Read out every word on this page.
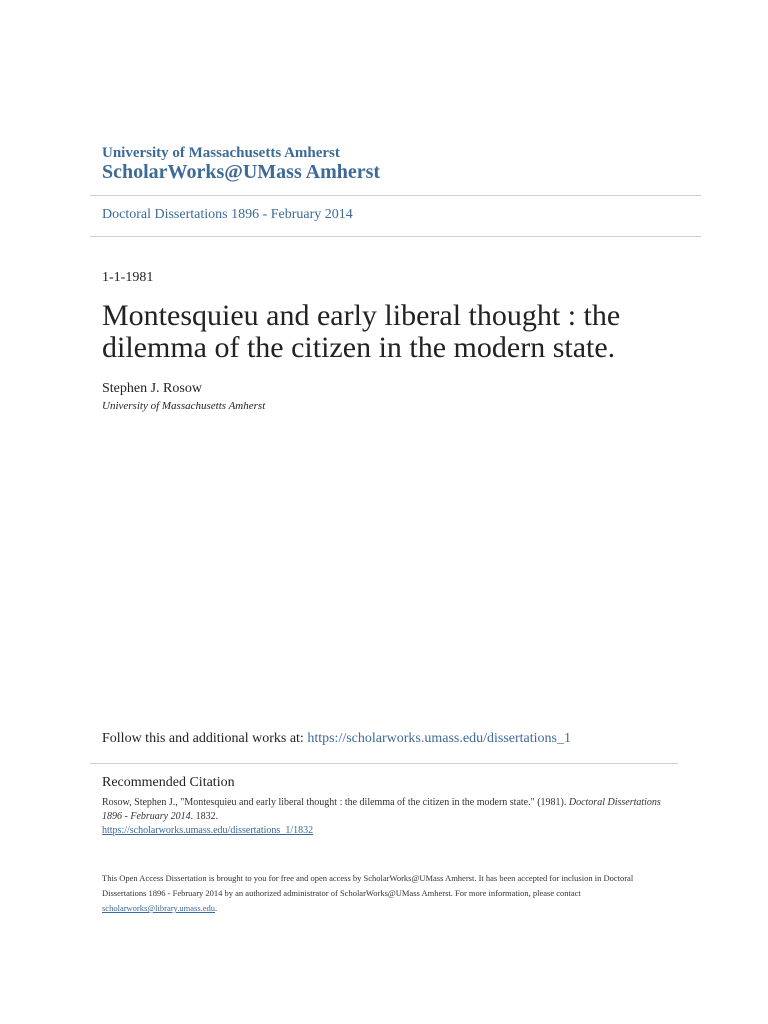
University of Massachusetts Amherst
ScholarWorks@UMass Amherst
Doctoral Dissertations 1896 - February 2014
1-1-1981
Montesquieu and early liberal thought : the dilemma of the citizen in the modern state.
Stephen J. Rosow
University of Massachusetts Amherst
Follow this and additional works at: https://scholarworks.umass.edu/dissertations_1
Recommended Citation
Rosow, Stephen J., "Montesquieu and early liberal thought : the dilemma of the citizen in the modern state." (1981). Doctoral Dissertations 1896 - February 2014. 1832.
https://scholarworks.umass.edu/dissertations_1/1832
This Open Access Dissertation is brought to you for free and open access by ScholarWorks@UMass Amherst. It has been accepted for inclusion in Doctoral Dissertations 1896 - February 2014 by an authorized administrator of ScholarWorks@UMass Amherst. For more information, please contact
scholarworks@library.umass.edu.
